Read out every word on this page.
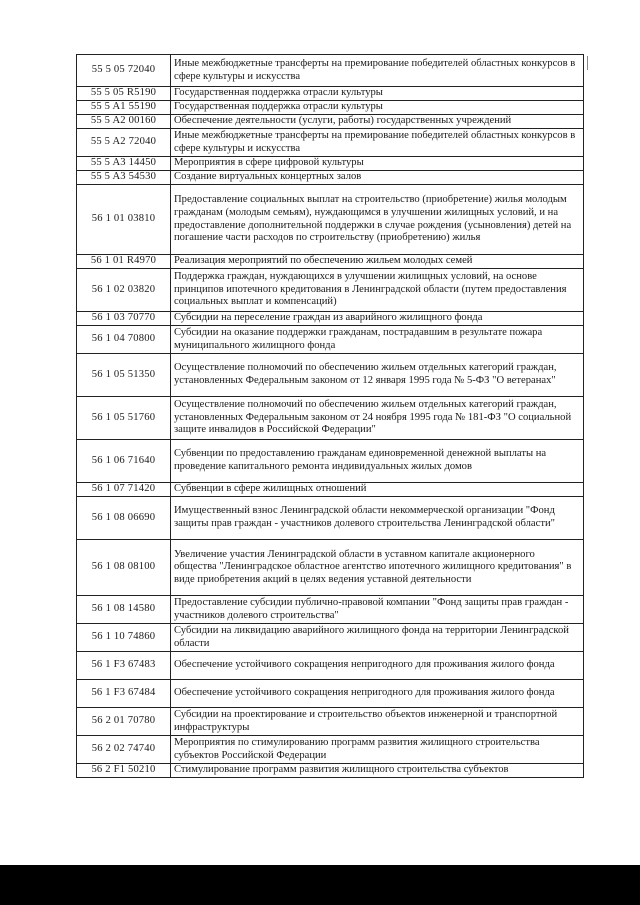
55 5 05 72040	Иные межбюджетные трансферты на премирование победителей областных конкурсов в сфере культуры и искусства
55 5 05 R5190	Государственная поддержка отрасли культуры
55 5 A1 55190	Государственная поддержка отрасли культуры
55 5 A2 00160	Обеспечение деятельности (услуги, работы) государственных учреждений
55 5 A2 72040	Иные межбюджетные трансферты на премирование победителей областных конкурсов в сфере культуры и искусства
55 5 A3 14450	Мероприятия в сфере цифровой культуры
55 5 A3 54530	Создание виртуальных концертных залов
56 1 01 03810	Предоставление социальных выплат на строительство (приобретение) жилья молодым гражданам (молодым семьям), нуждающимся в улучшении жилищных условий, и на предоставление дополнительной поддержки в случае рождения (усыновления) детей на погашение части расходов по строительству (приобретению) жилья
56 1 01 R4970	Реализация мероприятий по обеспечению жильем молодых семей
56 1 02 03820	Поддержка граждан, нуждающихся в улучшении жилищных условий, на основе принципов ипотечного кредитования в Ленинградской области (путем предоставления социальных выплат и компенсаций)
56 1 03 70770	Субсидии на переселение граждан из аварийного жилищного фонда
56 1 04 70800	Субсидии на оказание поддержки гражданам, пострадавшим в результате пожара муниципального жилищного фонда
56 1 05 51350	Осуществление полномочий по обеспечению жильем отдельных категорий граждан, установленных Федеральным законом от 12 января 1995 года № 5-ФЗ "О ветеранах"
56 1 05 51760	Осуществление полномочий по обеспечению жильем отдельных категорий граждан, установленных Федеральным законом от 24 ноября 1995 года № 181-ФЗ "О социальной защите инвалидов в Российской Федерации"
56 1 06 71640	Субвенции по предоставлению гражданам единовременной денежной выплаты на проведение капитального ремонта индивидуальных жилых домов
56 1 07 71420	Субвенции в сфере жилищных отношений
56 1 08 06690	Имущественный взнос Ленинградской области некоммерческой организации "Фонд защиты прав граждан - участников долевого строительства Ленинградской области"
56 1 08 08100	Увеличение участия Ленинградской области в уставном капитале акционерного общества "Ленинградское областное агентство ипотечного жилищного кредитования" в виде приобретения акций в целях ведения уставной деятельности
56 1 08 14580	Предоставление субсидии публично-правовой компании "Фонд защиты прав граждан - участников долевого строительства"
56 1 10 74860	Субсидии на ликвидацию аварийного жилищного фонда на территории Ленинградской области
56 1 F3 67483	Обеспечение устойчивого сокращения непригодного для проживания жилого фонда
56 1 F3 67484	Обеспечение устойчивого сокращения непригодного для проживания жилого фонда
56 2 01 70780	Субсидии на проектирование и строительство объектов инженерной и транспортной инфраструктуры
56 2 02 74740	Мероприятия по стимулированию программ развития жилищного строительства субъектов Российской Федерации
56 2 F1 50210	Стимулирование программ развития жилищного строительства субъектов
